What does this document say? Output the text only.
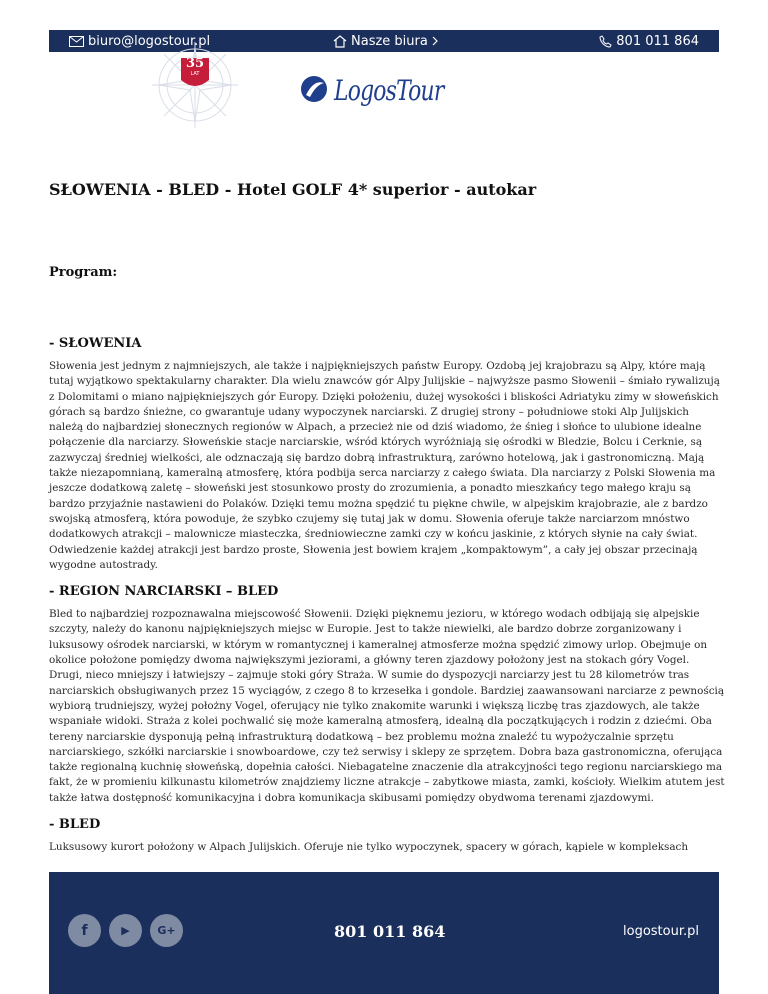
biuro@logostour.pl	Nasze biura	801 011 864
35
LAT	LogosTour
SŁOWENIA - BLED - Hotel GOLF 4* superior - autokar
Program:
- SŁOWENIA

Słowenia jest jednym z najmniejszych, ale także i najpiękniejszych państw Europy. Ozdobą jej krajobrazu są Alpy, które mają tutaj wyjątkowo spektakularny charakter. Dla wielu znawców gór Alpy Julijskie – najwyższe pasmo Słowenii – śmiało rywalizują z Dolomitami o miano najpiękniejszych gór Europy. Dzięki położeniu, dużej wysokości i bliskości Adriatyku zimy w słoweńskich górach są bardzo śnieżne, co gwarantuje udany wypoczynek narciarski. Z drugiej strony – południowe stoki Alp Julijskich należą do najbardziej słonecznych regionów w Alpach, a przecież nie od dziś wiadomo, że śnieg i słońce to ulubione idealne połączenie dla narciarzy. Słoweńskie stacje narciarskie, wśród których wyróżniają się ośrodki w Bledzie, Bolcu i Cerknie, są zazwyczaj średniej wielkości, ale odznaczają się bardzo dobrą infrastrukturą, zarówno hotelową, jak i gastronomiczną. Mają także niezapomnianą, kameralną atmosferę, która podbija serca narciarzy z całego świata. Dla narciarzy z Polski Słowenia ma jeszcze dodatkową zaletę – słoweński jest stosunkowo prosty do zrozumienia, a ponadto mieszkańcy tego małego kraju są bardzo przyjaźnie nastawieni do Polaków. Dzięki temu można spędzić tu piękne chwile, w alpejskim krajobrazie, ale z bardzo swojską atmosferą, która powoduje, że szybko czujemy się tutaj jak w domu. Słowenia oferuje także narciarzom mnóstwo dodatkowych atrakcji – malownicze miasteczka, średniowieczne zamki czy w końcu jaskinie, z których słynie na cały świat. Odwiedzenie każdej atrakcji jest bardzo proste, Słowenia jest bowiem krajem „kompaktowym”, a cały jej obszar przecinają wygodne autostrady.

- REGION NARCIARSKI – BLED

Bled to najbardziej rozpoznawalna miejscowość Słowenii. Dzięki pięknemu jezioru, w którego wodach odbijają się alpejskie szczyty, należy do kanonu najpiękniejszych miejsc w Europie. Jest to także niewielki, ale bardzo dobrze zorganizowany i luksusowy ośrodek narciarski, w którym w romantycznej i kameralnej atmosferze można spędzić zimowy urlop. Obejmuje on okolice położone pomiędzy dwoma największymi jeziorami, a główny teren zjazdowy położony jest na stokach góry Vogel. Drugi, nieco mniejszy i łatwiejszy – zajmuje stoki góry Straża. W sumie do dyspozycji narciarzy jest tu 28 kilometrów tras narciarskich obsługiwanych przez 15 wyciągów, z czego 8 to krzesełka i gondole. Bardziej zaawansowani narciarze z pewnością wybiorą trudniejszy, wyżej położny Vogel, oferujący nie tylko znakomite warunki i większą liczbę tras zjazdowych, ale także wspaniałe widoki. Straża z kolei pochwalić się może kameralną atmosferą, idealną dla początkujących i rodzin z dziećmi. Oba tereny narciarskie dysponują pełną infrastrukturą dodatkową – bez problemu można znaleźć tu wypożyczalnie sprzętu narciarskiego, szkółki narciarskie i snowboardowe, czy też serwisy i sklepy ze sprzętem. Dobra baza gastronomiczna, oferująca także regionalną kuchnię słoweńską, dopełnia całości. Niebagatelne znaczenie dla atrakcyjności tego regionu narciarskiego ma fakt, że w promieniu kilkunastu kilometrów znajdziemy liczne atrakcje – zabytkowe miasta, zamki, kościoły. Wielkim atutem jest także łatwa dostępność komunikacyjna i dobra komunikacja skibusami pomiędzy obydwoma terenami zjazdowymi.

- BLED

Luksusowy kurort położony w Alpach Julijskich. Oferuje nie tylko wypoczynek, spacery w górach, kąpiele w kompleksach

f	▶	G+	801 011 864	logostour.pl
